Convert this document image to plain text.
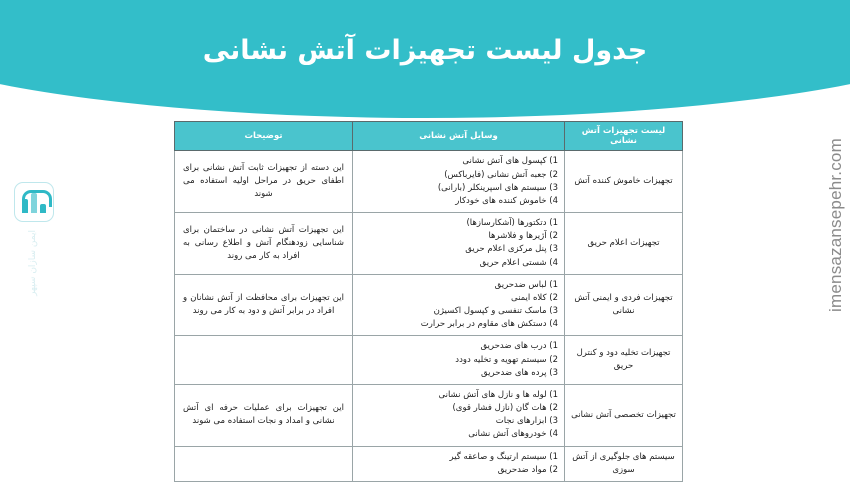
جدول لیست تجهیزات آتش نشانی
ایمن سازان سپهر	imensazansepehr.com
لیست تجهیزات آتش نشانی	وسایل آتش نشانی	توضیحات
تجهیزات خاموش کننده آتش	1) کپسول های آتش نشانی
2) جعبه آتش نشانی (فایرباکس)
3) سیستم های اسپرینکلر (بارانی)
4) خاموش کننده های خودکار	این دسته از تجهیزات ثابت آتش نشانی برای اطفای حریق در مراحل اولیه استفاده می شوند
تجهیزات اعلام حریق	1) دتکتورها (آشکارسازها)
2) آژیرها و فلاشرها
3) پنل مرکزی اعلام حریق
4) شستی اعلام حریق	این تجهیزات آتش نشانی در ساختمان برای شناسایی زودهنگام آتش و اطلاع رسانی به افراد به کار می روند
تجهیزات فردی و ایمنی آتش نشانی	1) لباس ضدحریق
2) کلاه ایمنی
3) ماسک تنفسی و کپسول اکسیژن
4) دستکش های مقاوم در برابر حرارت	این تجهیزات برای محافظت از آتش نشانان و افراد در برابر آتش و دود به کار می روند
تجهیزات تخلیه دود و کنترل حریق	1) درب های ضدحریق
2) سیستم تهویه و تخلیه دودد
3) پرده های ضدحریق	

تجهیزات تخصصی آتش نشانی	1) لوله ها و نازل های آتش نشانی
2) هات گان (نازل فشار قوی)
3) ابزارهای نجات
4) خودروهای آتش نشانی	این تجهیزات برای عملیات حرفه ای آتش نشانی و امداد و نجات استفاده می شوند
سیستم های جلوگیری از آتش سوزی	1) سیستم ارتینگ و صاعقه گیر
2) مواد ضدحریق	
